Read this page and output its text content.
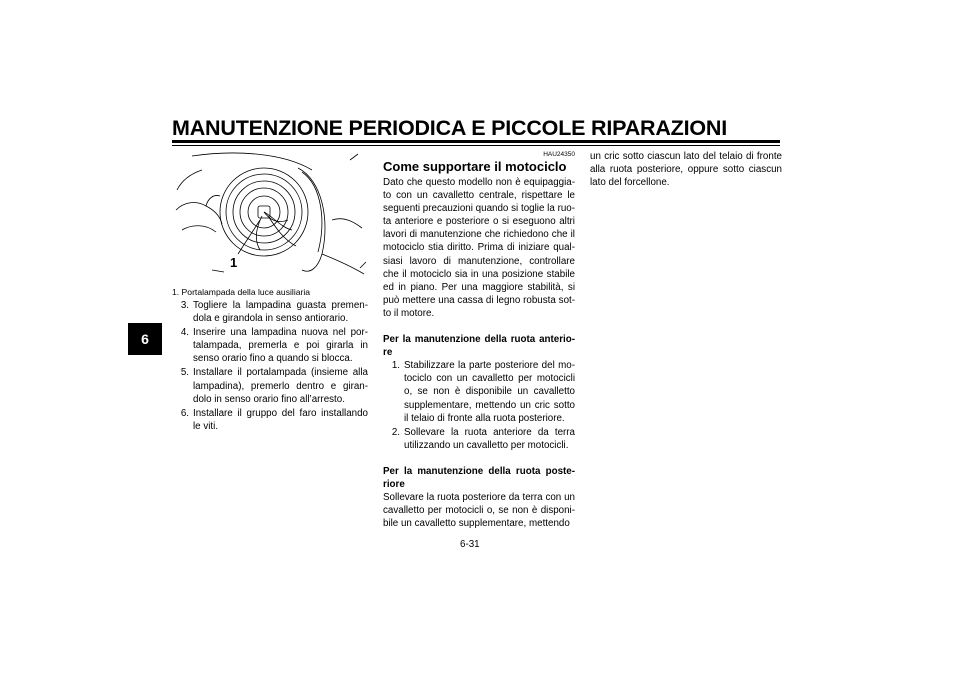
MANUTENZIONE PERIODICA E PICCOLE RIPARAZIONI
6
1
1. Portalampada della luce ausiliaria
3. Togliere la lampadina guasta premen-dola e girandola in senso antiorario.
4. Inserire una lampadina nuova nel por-talampada, premerla e poi girarla in senso orario fino a quando si blocca.
5. Installare il portalampada (insieme alla lampadina), premerlo dentro e giran-dolo in senso orario fino all’arresto.
6. Installare il gruppo del faro installando le viti.
HAU24350
Come supportare il motociclo

Dato che questo modello non è equipaggia-to con un cavalletto centrale, rispettare le seguenti precauzioni quando si toglie la ruo-ta anteriore e posteriore o si eseguono altri lavori di manutenzione che richiedono che il motociclo stia diritto. Prima di iniziare qual-siasi lavoro di manutenzione, controllare che il motociclo sia in una posizione stabile ed in piano. Per una maggiore stabilità, si può mettere una cassa di legno robusta sot-to il motore.

Per la manutenzione della ruota anterio-re

1. Stabilizzare la parte posteriore del mo-tociclo con un cavalletto per motocicli o, se non è disponibile un cavalletto supplementare, mettendo un cric sotto il telaio di fronte alla ruota posteriore.
2. Sollevare la ruota anteriore da terra utilizzando un cavalletto per motocicli.

Per la manutenzione della ruota poste-riore

Sollevare la ruota posteriore da terra con un cavalletto per motocicli o, se non è disponi-bile un cavalletto supplementare, mettendo

un cric sotto ciascun lato del telaio di fronte alla ruota posteriore, oppure sotto ciascun lato del forcellone.

6-31
